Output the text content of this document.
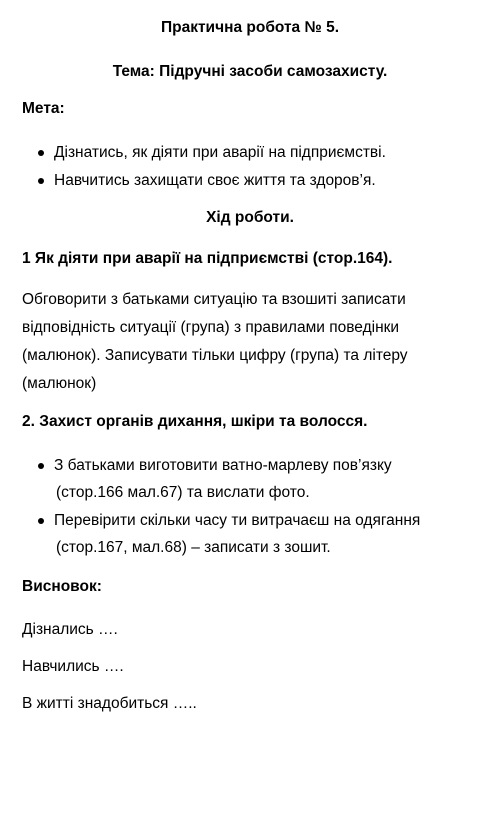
Практична робота № 5.
Тема: Підручні засоби самозахисту.
Мета:
Дізнатись, як діяти при аварії на підприємстві.
Навчитись захищати своє життя та здоров’я.
Хід роботи.
1 Як діяти при аварії на підприємстві (стор.164).
Обговорити з батьками ситуацію та взошиті записати
відповідність ситуації (група) з правилами поведінки
(малюнок). Записувати тільки цифру (група) та літеру
(малюнок)
2. Захист органів дихання, шкіри та волосся.
З батьками виготовити ватно-марлеву пов’язку
(стор.166 мал.67) та вислати фото.
Перевірити скільки часу ти витрачаєш на одягання
(стор.167, мал.68) – записати з зошит.
Висновок:
Дізнались ….
Навчились ….
В житті знадобиться …..
